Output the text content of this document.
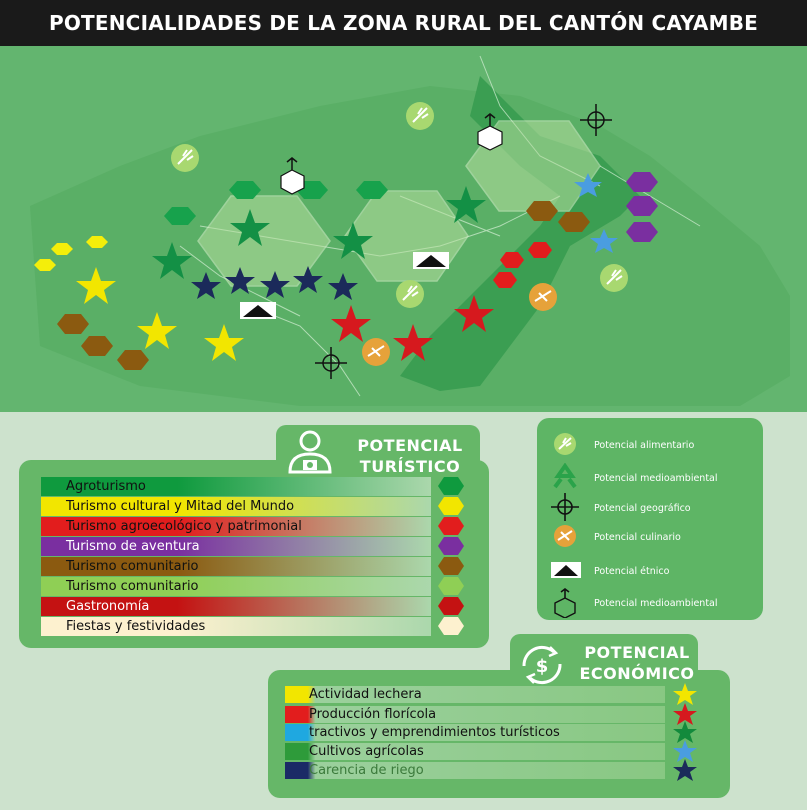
POTENCIALIDADES DE LA ZONA RURAL DEL CANTÓN CAYAMBE
POTENCIAL
TURÍSTICO
Agroturismo
Turismo cultural y Mitad del Mundo
Turismo agroecológico y patrimonial
Turismo de aventura
Turismo comunitario
Turismo comunitario
Gastronomía
Fiestas y festividades
Potencial alimentario
Potencial medioambiental
Potencial geográfico
Potencial culinario
Potencial étnico
Potencial medioambiental
$
POTENCIAL
ECONÓMICO
Actividad lechera
Producción florícola
tractivos y emprendimientos turísticos
Cultivos agrícolas
Carencia de riego
